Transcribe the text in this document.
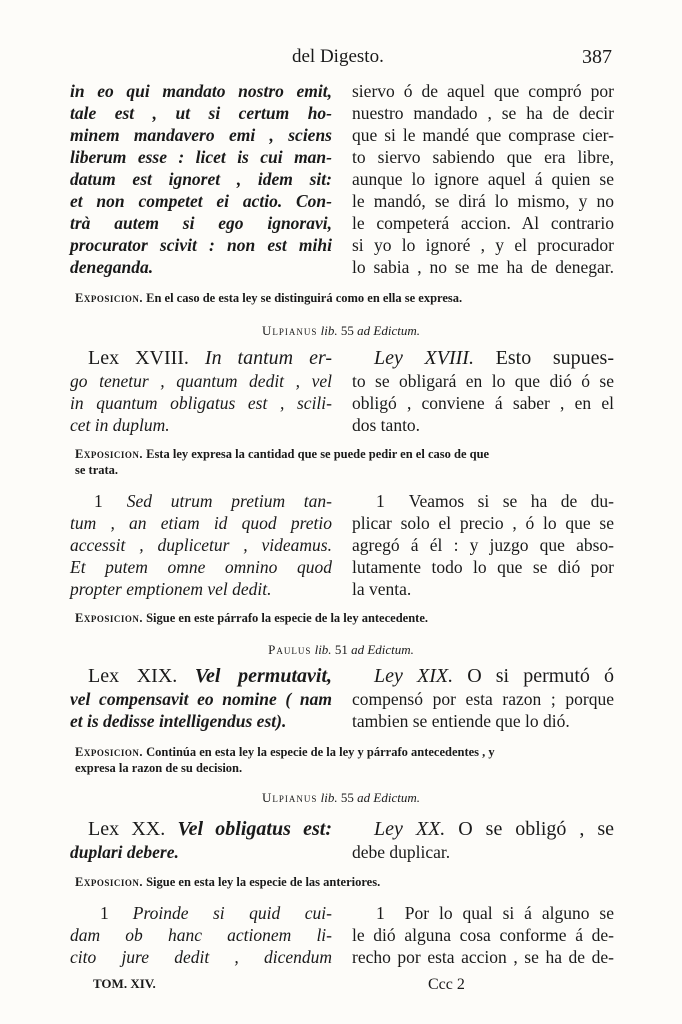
del Digesto.	387
in eo qui mandato nostro emit,
tale est , ut si certum ho-
minem mandavero emi , sciens
liberum esse : licet is cui man-
datum est ignoret , idem sit:
et non competet ei actio. Con-
trà autem si ego ignoravi,
procurator scivit : non est mihi
deneganda.
siervo ó de aquel que compró por
nuestro mandado , se ha de decir
que si le mandé que comprase cier-
to siervo sabiendo que era libre,
aunque lo ignore aquel á quien se
le mandó, se dirá lo mismo, y no
le competerá accion. Al contrario
si yo lo ignoré , y el procurador
lo sabia , no se me ha de denegar.
Exposicion. En el caso de esta ley se distinguirá como en ella se expresa.
Ulpianus lib. 55 ad Edictum.
Lex XVIII. In tantum er-
go tenetur , quantum dedit , vel
in quantum obligatus est , scili-
cet in duplum.
Ley XVIII. Esto supues-
to se obligará en lo que dió ó se
obligó , conviene á saber , en el
dos tanto.
Exposicion. Esta ley expresa la cantidad que se puede pedir en el caso de que
se trata.
1 Sed utrum pretium tan-
tum , an etiam id quod pretio
accessit , duplicetur , videamus.
Et putem omne omnino quod
propter emptionem vel dedit.
1 Veamos si se ha de du-
plicar solo el precio , ó lo que se
agregó á él : y juzgo que abso-
lutamente todo lo que se dió por
la venta.
Exposicion. Sigue en este párrafo la especie de la ley antecedente.
Paulus lib. 51 ad Edictum.
Lex XIX. Vel permutavit,
vel compensavit eo nomine ( nam
et is dedisse intelligendus est).
Ley XIX. O si permutó ó
compensó por esta razon ; porque
tambien se entiende que lo dió.
Exposicion. Continúa en esta ley la especie de la ley y párrafo antecedentes , y
expresa la razon de su decision.
Ulpianus lib. 55 ad Edictum.
Lex XX. Vel obligatus est:
duplari debere.
Ley XX. O se obligó , se
debe duplicar.
Exposicion. Sigue en esta ley la especie de las anteriores.
1 Proinde si quid cui-
dam ob hanc actionem li-
cito jure dedit , dicendum
1 Por lo qual si á alguno se
le dió alguna cosa conforme á de-
recho por esta accion , se ha de de-
TOM. XIV.	Ccc 2
